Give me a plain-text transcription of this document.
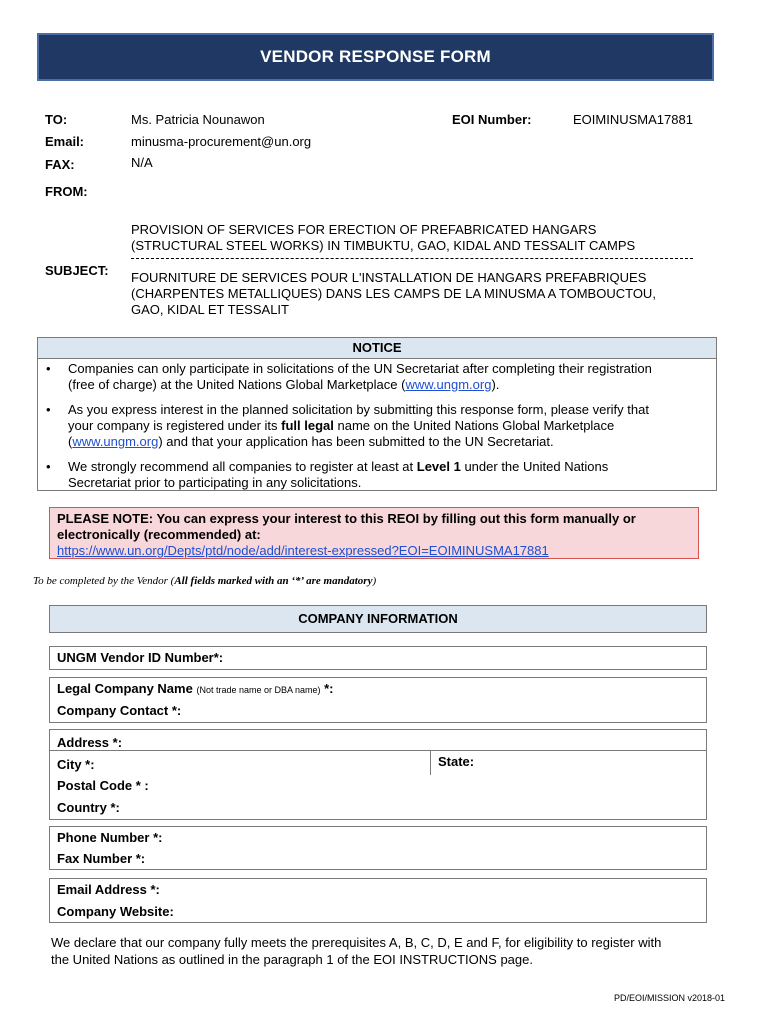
VENDOR RESPONSE FORM
TO:	Ms. Patricia Nounawon	EOI Number:	EOIMINUSMA17881
Email:	minusma-procurement@un.org
FAX:	N/A
FROM:
SUBJECT:
PROVISION OF SERVICES FOR ERECTION OF PREFABRICATED HANGARS
(STRUCTURAL STEEL WORKS) IN TIMBUKTU, GAO, KIDAL AND TESSALIT CAMPS
FOURNITURE DE SERVICES POUR L'INSTALLATION DE HANGARS PREFABRIQUES
(CHARPENTES METALLIQUES) DANS LES CAMPS DE LA MINUSMA A TOMBOUCTOU,
GAO, KIDAL ET TESSALIT
NOTICE
• Companies can only participate in solicitations of the UN Secretariat after completing their registration
(free of charge) at the United Nations Global Marketplace (www.ungm.org).
• As you express interest in the planned solicitation by submitting this response form, please verify that
your company is registered under its full legal name on the United Nations Global Marketplace
(www.ungm.org) and that your application has been submitted to the UN Secretariat.
• We strongly recommend all companies to register at least at Level 1 under the United Nations
Secretariat prior to participating in any solicitations.
PLEASE NOTE: You can express your interest to this REOI by filling out this form manually or
electronically (recommended) at:
https://www.un.org/Depts/ptd/node/add/interest-expressed?EOI=EOIMINUSMA17881
To be completed by the Vendor (All fields marked with an ‘*’ are mandatory)
COMPANY INFORMATION
UNGM Vendor ID Number*:
Legal Company Name (Not trade name or DBA name) *:
Company Contact *:
Address *:
City *:	State:
Postal Code * :
Country *:
Phone Number *:
Fax Number *:
Email Address *:
Company Website:
We declare that our company fully meets the prerequisites A, B, C, D, E and F, for eligibility to register with
the United Nations as outlined in the paragraph 1 of the EOI INSTRUCTIONS page.
PD/EOI/MISSION v2018-01
